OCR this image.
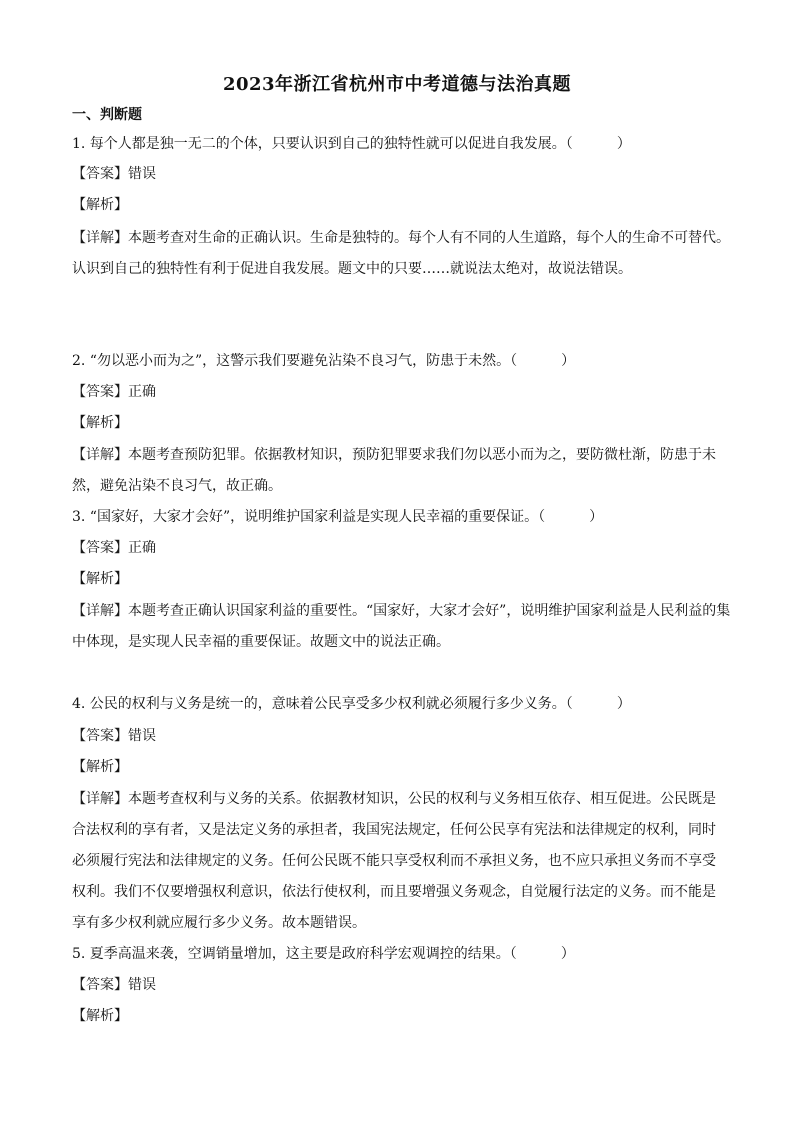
2023年浙江省杭州市中考道德与法治真题
一、判断题
1. 每个人都是独一无二的个体，只要认识到自己的独特性就可以促进自我发展。（	）
【答案】错误
【解析】
【详解】本题考查对生命的正确认识。生命是独特的。每个人有不同的人生道路，每个人的生命不可替代。
认识到自己的独特性有利于促进自我发展。题文中的只要……就说法太绝对，故说法错误。
2. “勿以恶小而为之”，这警示我们要避免沾染不良习气，防患于未然。（	）
【答案】正确
【解析】
【详解】本题考查预防犯罪。依据教材知识，预防犯罪要求我们勿以恶小而为之，要防微杜渐，防患于未
然，避免沾染不良习气，故正确。
3. “国家好，大家才会好”，说明维护国家利益是实现人民幸福的重要保证。（	）
【答案】正确
【解析】
【详解】本题考查正确认识国家利益的重要性。“国家好，大家才会好”，说明维护国家利益是人民利益的集
中体现，是实现人民幸福的重要保证。故题文中的说法正确。
4. 公民的权利与义务是统一的，意味着公民享受多少权利就必须履行多少义务。（	）
【答案】错误
【解析】
【详解】本题考查权利与义务的关系。依据教材知识，公民的权利与义务相互依存、相互促进。公民既是
合法权利的享有者，又是法定义务的承担者，我国宪法规定，任何公民享有宪法和法律规定的权利，同时
必须履行宪法和法律规定的义务。任何公民既不能只享受权利而不承担义务，也不应只承担义务而不享受
权利。我们不仅要增强权利意识，依法行使权利，而且要增强义务观念，自觉履行法定的义务。而不能是
享有多少权利就应履行多少义务。故本题错误。
5. 夏季高温来袭，空调销量增加，这主要是政府科学宏观调控的结果。（	）
【答案】错误
【解析】
